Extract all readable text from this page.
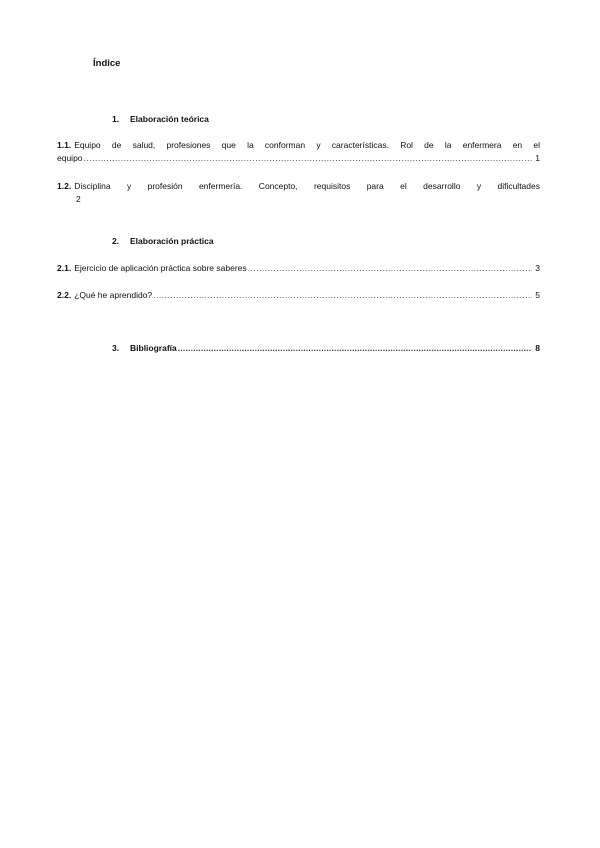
Índice
1.	Elaboración teórica
1.1. Equipo de salud, profesiones que la conforman y características. Rol de la enfermera en el
equipo .....	1
1.2. Disciplina y profesión enfermería. Concepto, requisitos para el desarrollo y dificultades
2
2.	Elaboración práctica
2.1. Ejercicio de aplicación práctica sobre saberes .....	3
2.2. ¿Qué he aprendido? .....	5
3. Bibliografía .....	8
